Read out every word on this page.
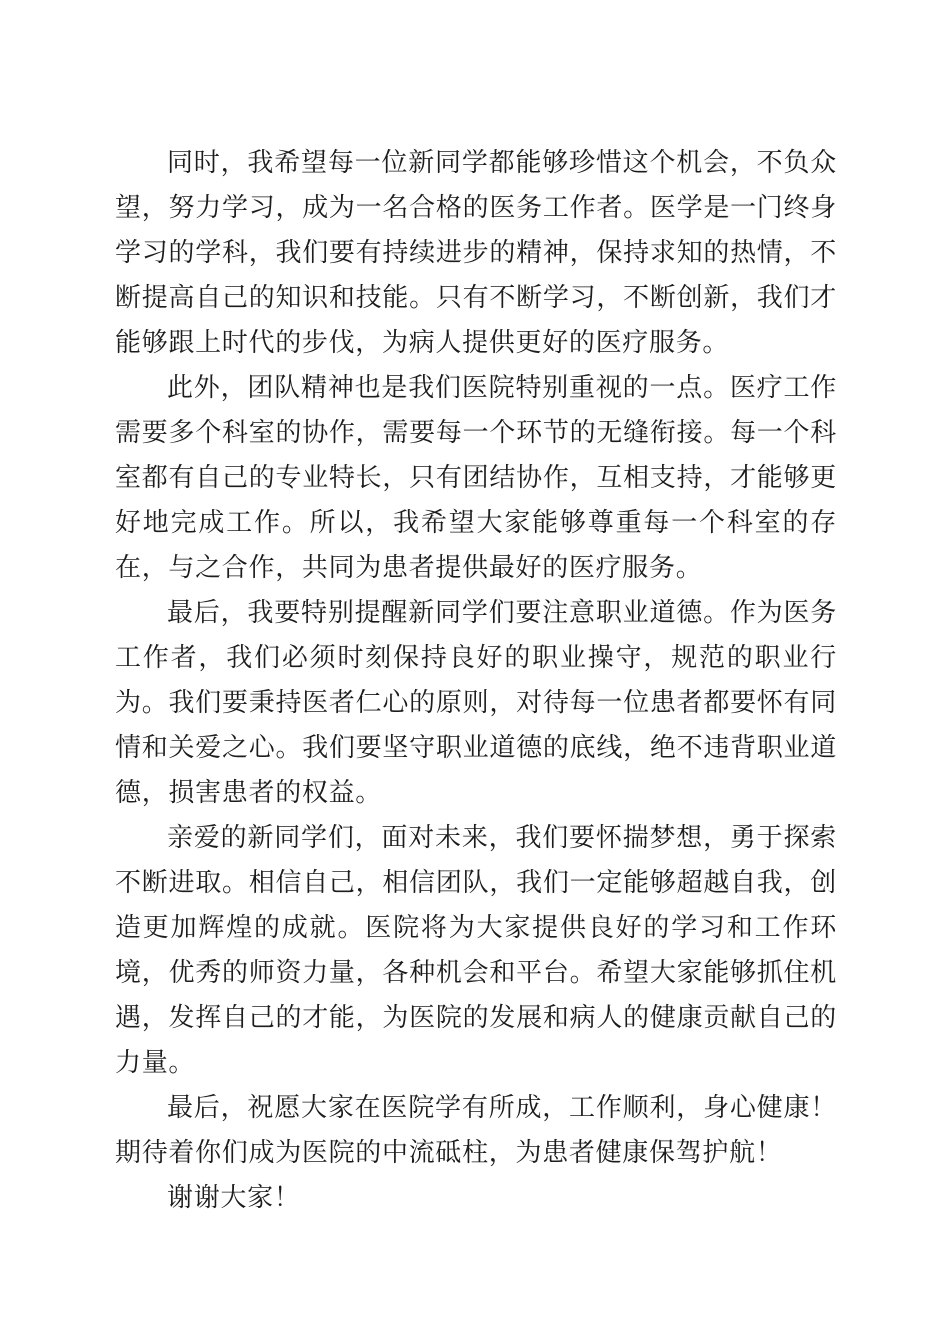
同时，我希望每一位新同学都能够珍惜这个机会，不负众望，努力学习，成为一名合格的医务工作者。医学是一门终身学习的学科，我们要有持续进步的精神，保持求知的热情，不断提高自己的知识和技能。只有不断学习，不断创新，我们才能够跟上时代的步伐，为病人提供更好的医疗服务。

此外，团队精神也是我们医院特别重视的一点。医疗工作需要多个科室的协作，需要每一个环节的无缝衔接。每一个科室都有自己的专业特长，只有团结协作，互相支持，才能够更好地完成工作。所以，我希望大家能够尊重每一个科室的存在，与之合作，共同为患者提供最好的医疗服务。

最后，我要特别提醒新同学们要注意职业道德。作为医务工作者，我们必须时刻保持良好的职业操守，规范的职业行为。我们要秉持医者仁心的原则，对待每一位患者都要怀有同情和关爱之心。我们要坚守职业道德的底线，绝不违背职业道德，损害患者的权益。

亲爱的新同学们，面对未来，我们要怀揣梦想，勇于探索不断进取。相信自己，相信团队，我们一定能够超越自我，创造更加辉煌的成就。医院将为大家提供良好的学习和工作环境，优秀的师资力量，各种机会和平台。希望大家能够抓住机遇，发挥自己的才能，为医院的发展和病人的健康贡献自己的力量。

最后，祝愿大家在医院学有所成，工作顺利，身心健康！期待着你们成为医院的中流砥柱，为患者健康保驾护航！

谢谢大家！
